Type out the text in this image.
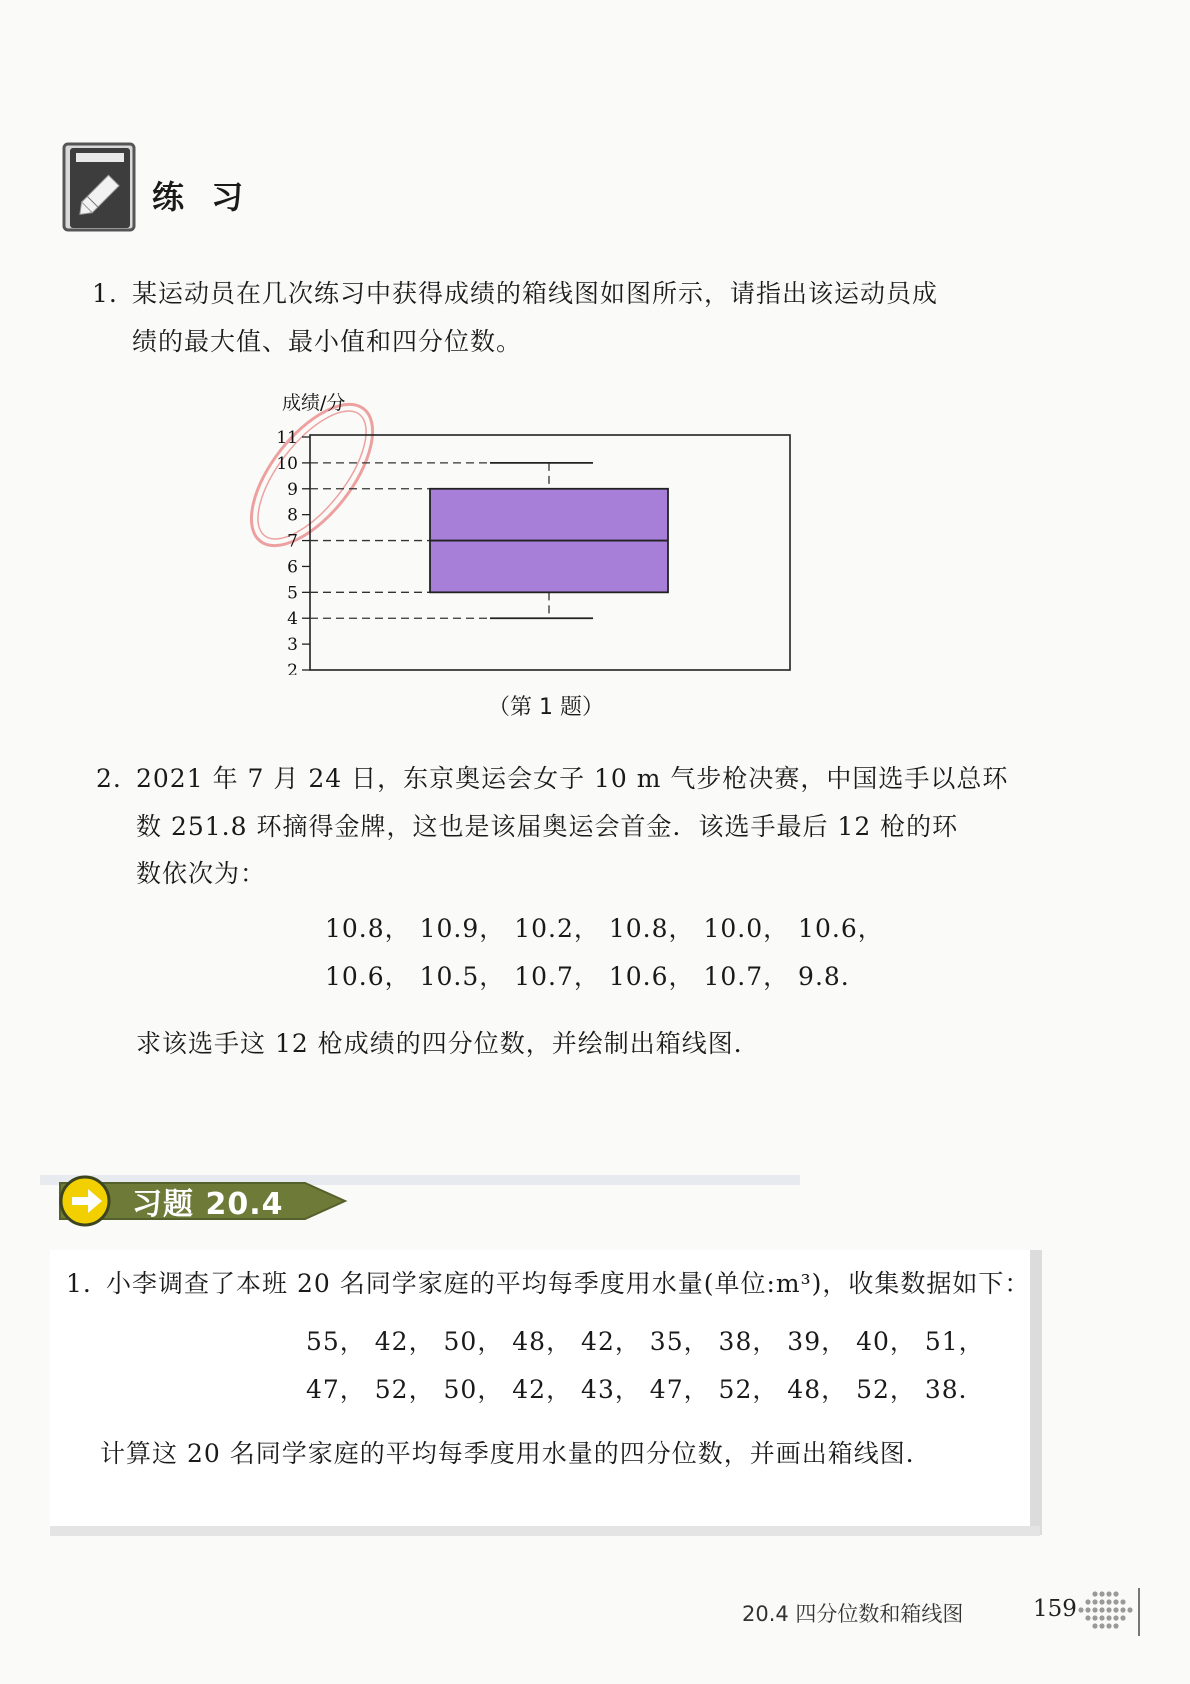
练 习
1. 某运动员在几次练习中获得成绩的箱线图如图所示，请指出该运动员成
绩的最大值、最小值和四分位数。
成绩/分
2
3
4
5
6
7
8
9
10
11
（第 1 题）
2. 2021 年 7 月 24 日，东京奥运会女子 10 m 气步枪决赛，中国选手以总环
数 251.8 环摘得金牌，这也是该届奥运会首金．该选手最后 12 枪的环
数依次为：
10.8， 10.9， 10.2， 10.8， 10.0， 10.6，
10.6， 10.5， 10.7， 10.6， 10.7， 9.8．
求该选手这 12 枪成绩的四分位数，并绘制出箱线图．
习题 20.4
1. 小李调查了本班 20 名同学家庭的平均每季度用水量(单位:m³)，收集数据如下：
55， 42， 50， 48， 42， 35， 38， 39， 40， 51，
47， 52， 50， 42， 43， 47， 52， 48， 52， 38．
计算这 20 名同学家庭的平均每季度用水量的四分位数，并画出箱线图．
20.4 四分位数和箱线图	159
